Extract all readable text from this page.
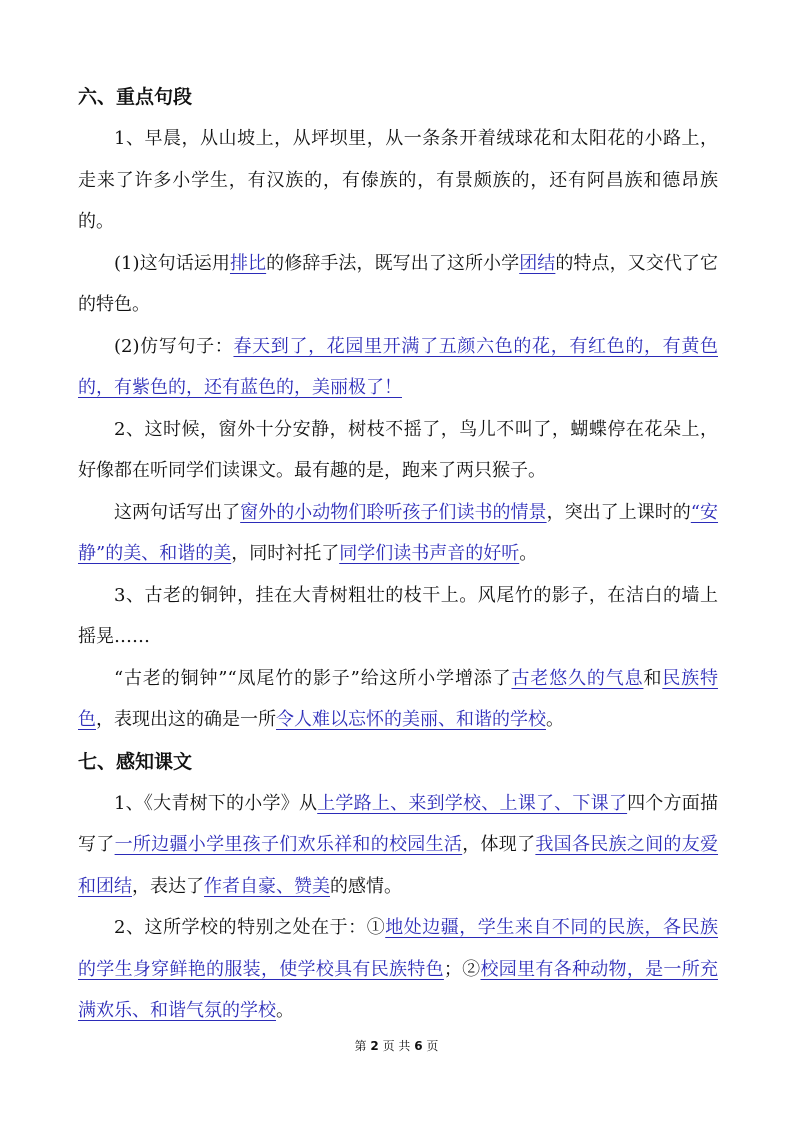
六、重点句段
1、早晨，从山坡上，从坪坝里，从一条条开着绒球花和太阳花的小路上，走来了许多小学生，有汉族的，有傣族的，有景颇族的，还有阿昌族和德昂族的。
(1)这句话运用排比的修辞手法，既写出了这所小学团结的特点，又交代了它的特色。
(2)仿写句子：春天到了，花园里开满了五颜六色的花，有红色的，有黄色的，有紫色的，还有蓝色的，美丽极了！
2、这时候，窗外十分安静，树枝不摇了，鸟儿不叫了，蝴蝶停在花朵上，好像都在听同学们读课文。最有趣的是，跑来了两只猴子。
这两句话写出了窗外的小动物们聆听孩子们读书的情景，突出了上课时的“安静”的美、和谐的美，同时衬托了同学们读书声音的好听。
3、古老的铜钟，挂在大青树粗壮的枝干上。风尾竹的影子，在洁白的墙上摇晃……
“古老的铜钟”“凤尾竹的影子”给这所小学增添了古老悠久的气息和民族特色，表现出这的确是一所令人难以忘怀的美丽、和谐的学校。
七、感知课文
1、《大青树下的小学》从上学路上、来到学校、上课了、下课了四个方面描写了一所边疆小学里孩子们欢乐祥和的校园生活，体现了我国各民族之间的友爱和团结，表达了作者自豪、赞美的感情。
2、这所学校的特别之处在于：①地处边疆，学生来自不同的民族，各民族的学生身穿鲜艳的服装，使学校具有民族特色；②校园里有各种动物，是一所充满欢乐、和谐气氛的学校。
第 2 页 共 6 页
